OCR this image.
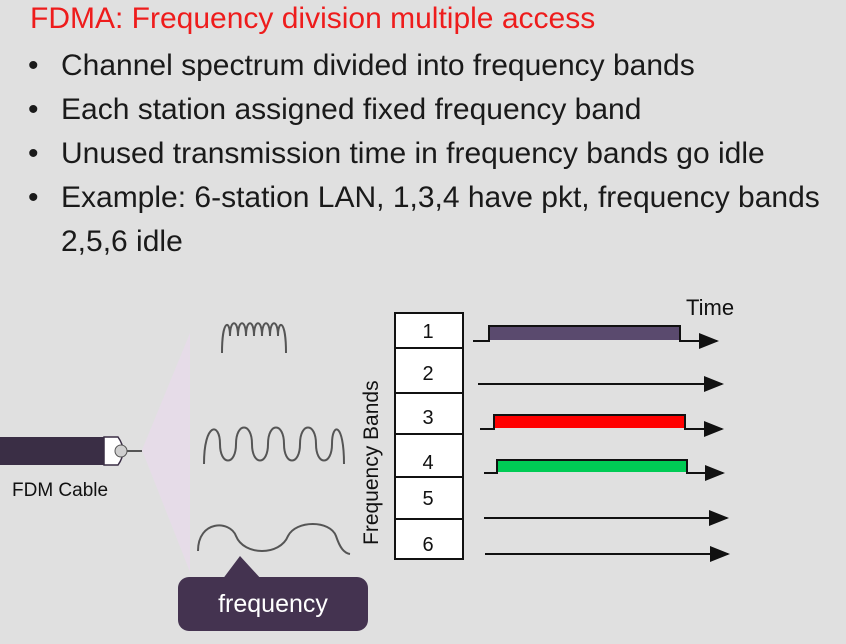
FDMA: Frequency division multiple access
• Channel spectrum divided into frequency bands
• Each station assigned fixed frequency band
• Unused transmission time in frequency bands go idle
• Example: 6-station LAN, 1,3,4 have pkt, frequency bands 2,5,6 idle
FDM Cable
1
2
3
4
5
6
Frequency Bands
Time
frequency
